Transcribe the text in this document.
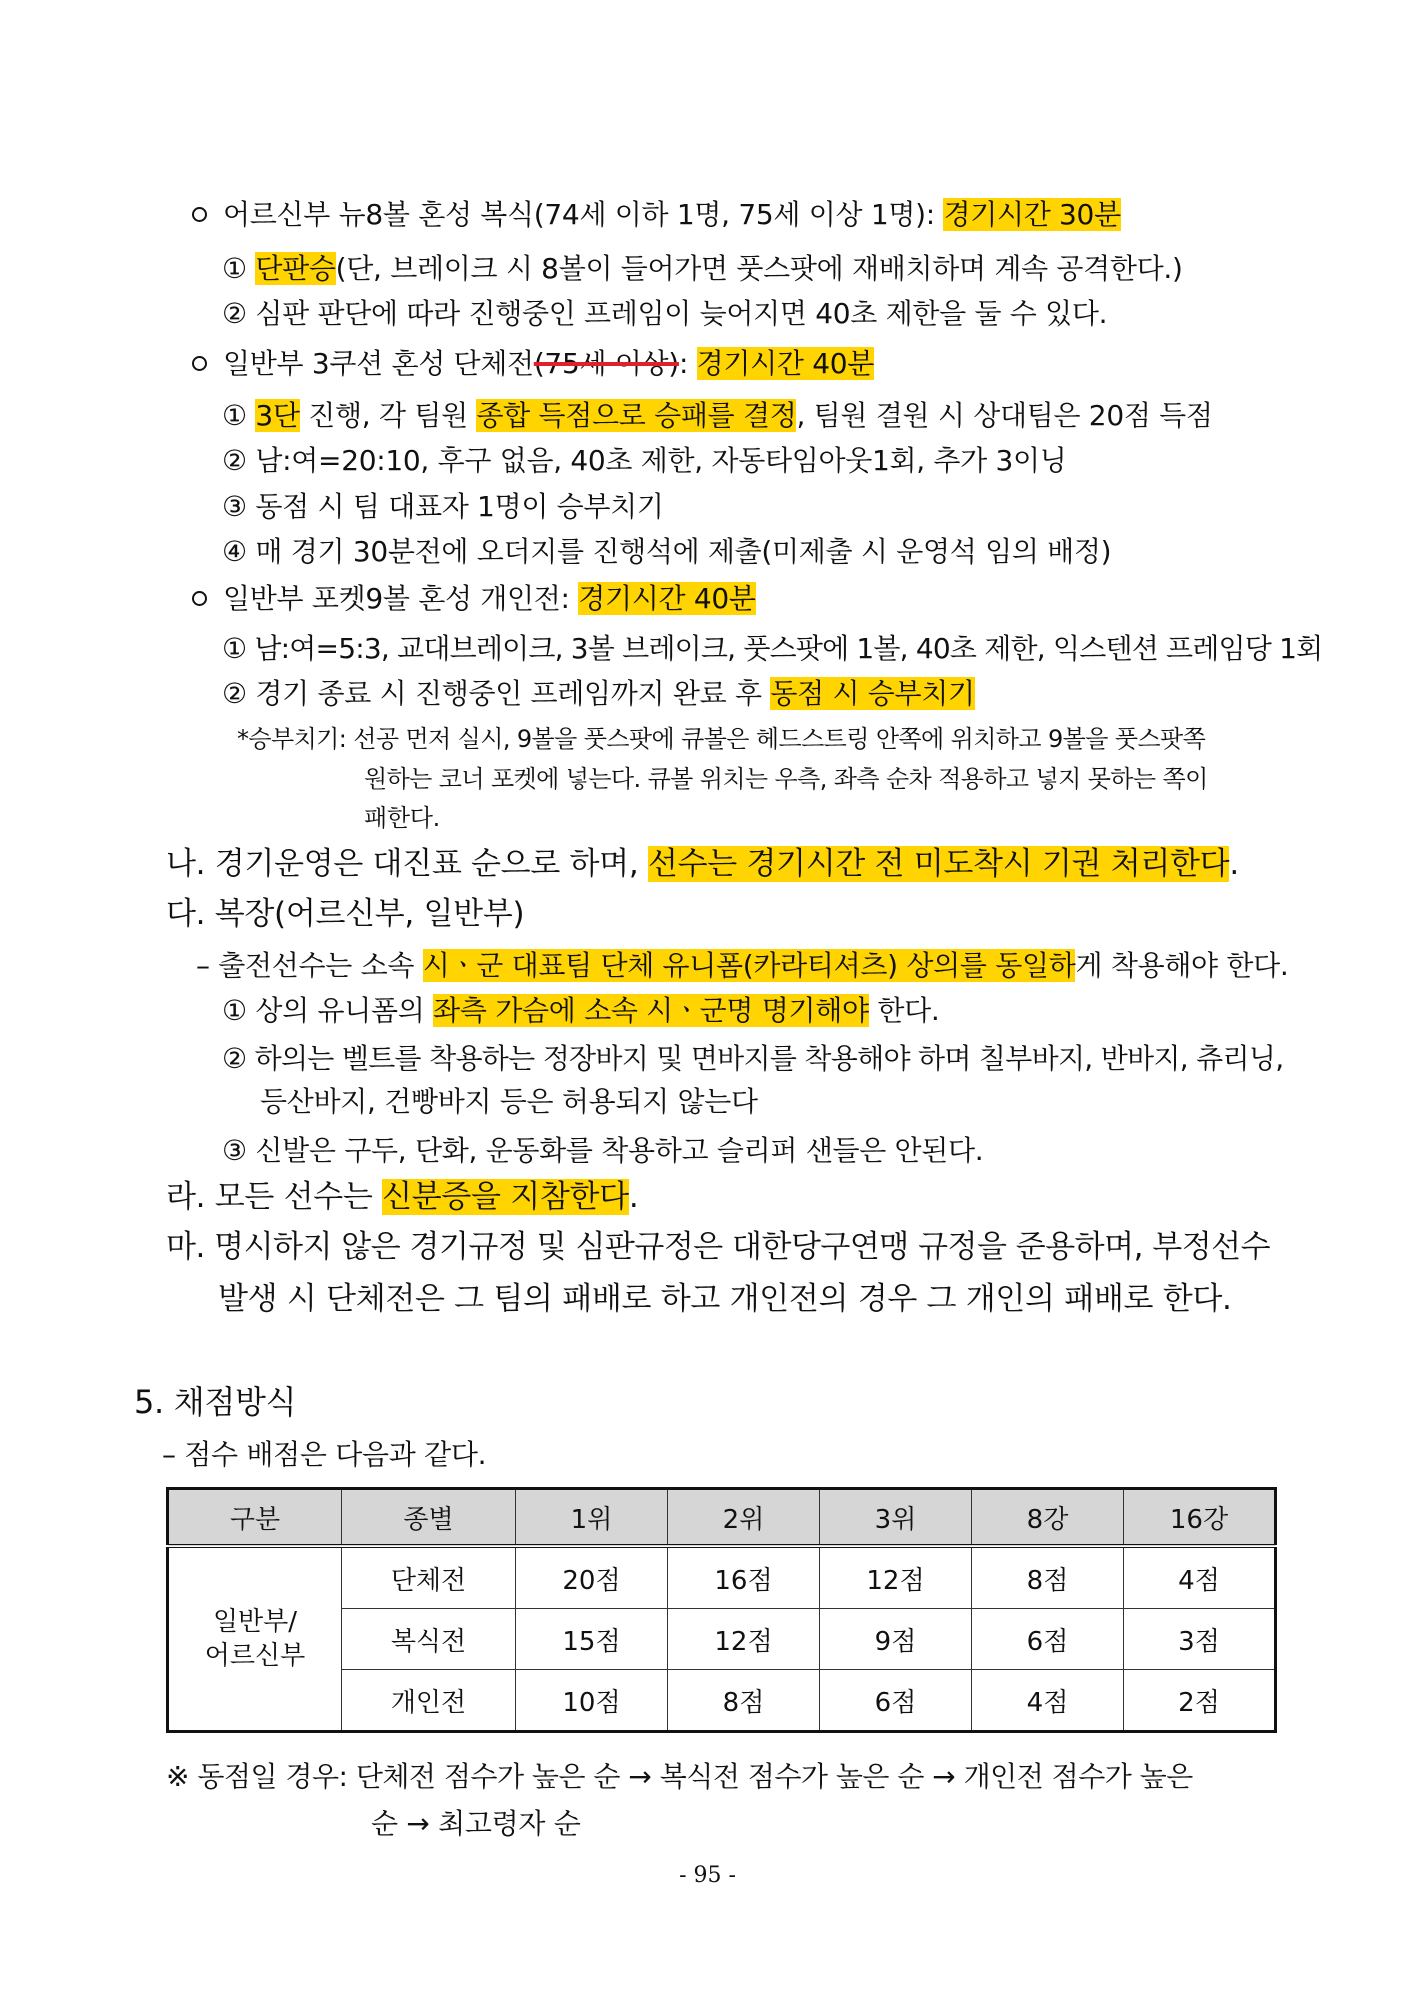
어르신부 뉴8볼 혼성 복식(74세 이하 1명, 75세 이상 1명): 경기시간 30분
① 단판승(단, 브레이크 시 8볼이 들어가면 풋스팟에 재배치하며 계속 공격한다.)
② 심판 판단에 따라 진행중인 프레임이 늦어지면 40초 제한을 둘 수 있다.
일반부 3쿠션 혼성 단체전(75세 이상): 경기시간 40분
① 3단 진행, 각 팀원 종합 득점으로 승패를 결정, 팀원 결원 시 상대팀은 20점 득점
② 남:여=20:10, 후구 없음, 40초 제한, 자동타임아웃1회, 추가 3이닝
③ 동점 시 팀 대표자 1명이 승부치기
④ 매 경기 30분전에 오더지를 진행석에 제출(미제출 시 운영석 임의 배정)
일반부 포켓9볼 혼성 개인전: 경기시간 40분
① 남:여=5:3, 교대브레이크, 3볼 브레이크, 풋스팟에 1볼, 40초 제한, 익스텐션 프레임당 1회
② 경기 종료 시 진행중인 프레임까지 완료 후 동점 시 승부치기
*승부치기: 선공 먼저 실시, 9볼을 풋스팟에 큐볼은 헤드스트링 안쪽에 위치하고 9볼을 풋스팟쪽
원하는 코너 포켓에 넣는다. 큐볼 위치는 우측, 좌측 순차 적용하고 넣지 못하는 쪽이
패한다.
나. 경기운영은 대진표 순으로 하며, 선수는 경기시간 전 미도착시 기권 처리한다.
다. 복장(어르신부, 일반부)
– 출전선수는 소속 시ㆍ군 대표팀 단체 유니폼(카라티셔츠) 상의를 동일하게 착용해야 한다.
① 상의 유니폼의 좌측 가슴에 소속 시ㆍ군명 명기해야 한다.
② 하의는 벨트를 착용하는 정장바지 및 면바지를 착용해야 하며 칠부바지, 반바지, 츄리닝,
등산바지, 건빵바지 등은 허용되지 않는다
③ 신발은 구두, 단화, 운동화를 착용하고 슬리퍼 샌들은 안된다.
라. 모든 선수는 신분증을 지참한다.
마. 명시하지 않은 경기규정 및 심판규정은 대한당구연맹 규정을 준용하며, 부정선수
발생 시 단체전은 그 팀의 패배로 하고 개인전의 경우 그 개인의 패배로 한다.
5. 채점방식
– 점수 배점은 다음과 같다.
구분	종별	1위	2위	3위	8강	16강
일반부/
어르신부	단체전	20점	16점	12점	8점	4점
	복식전	15점	12점	9점	6점	3점
	개인전	10점	8점	6점	4점	2점
※ 동점일 경우: 단체전 점수가 높은 순 → 복식전 점수가 높은 순 → 개인전 점수가 높은
순 → 최고령자 순
- 95 -
